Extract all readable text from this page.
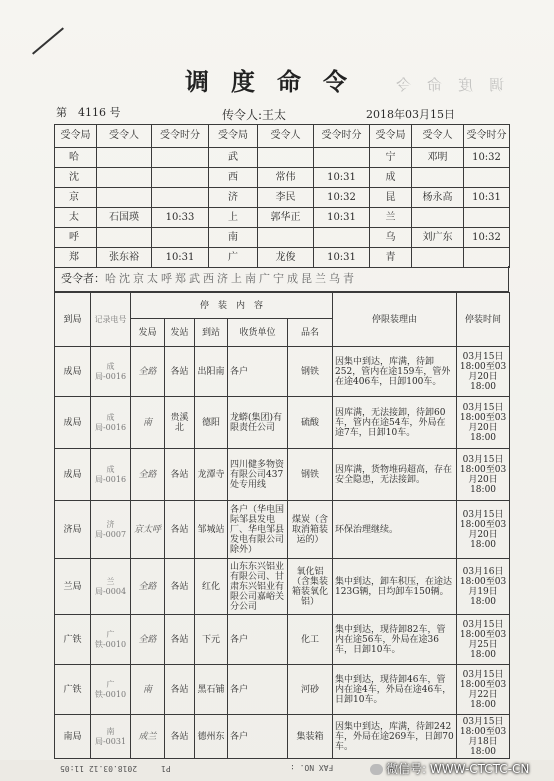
调度命令 调度命令
第　4116 号	传令人:王太	2018年03月15日
受令局	受令人	受令时分	受令局	受令人	受令时分	受令局	受令人	受令时分
哈			武			宁	邓明	10:32
沈			西	常伟	10:31	成		
京			济	李民	10:32	昆	杨永高	10:31
太	石国瑛	10:33	上	郭华正	10:31	兰		
呼			南			乌	刘广东	10:32
郑	张东裕	10:31	广	龙俊	10:31	青		
受令者：哈沈京太呼郑武西济上南广宁成昆兰乌青
到局	记录电号	停　装　内　容					停限装理由	停装时间
		发局	发站	到站	收货单位	品名		
成局	成局-0016	全路	各站	出阳南	各户	钢铁	因集中到达，库满，待卸252，管内在途159车，管外在途406车，日卸100车。	03月15日18:00至03月20日18:00
成局	成局-0016	南	贵溪北	德阳	龙蟒(集团)有限责任公司	硫酸	因库满，无法接卸，待卸60车，管内在途54车，外局在途7车，日卸10车。	03月15日18:00至03月20日18:00
成局	成局-0016	全路	各站	龙潭寺	四川健多物资有限公司437处专用线	钢铁	因库满，货物堆码超高，存在安全隐患，无法接卸。	03月15日18:00至03月20日18:00
济局	济局-0007	京太呼	各站	邹城站	各户（华电国际邹县发电厂、华电邹县发电有限公司除外）	煤炭（含取消箱装运的）	环保治理继续。	03月15日18:00至03月20日18:00
兰局	兰局-0004	全路	各站	红化	山东东兴铝业有限公司、甘肃东兴铝业有限公司嘉峪关分公司	氧化铝（含集装箱装氧化铝）	集中到达，卸车积压，在途达123G辆，日均卸车150辆。	03月16日18:00至03月19日18:00
广铁	广铁-0010	全路	各站	下元	各户	化工	集中到达，现待卸82车，管内在途56车，外局在途36车，日卸10车。	03月15日18:00至03月25日18:00
广铁	广铁-0010	南	各站	黑石铺	各户	河砂	集中到达，现待卸46车，管内在途4车，外局在途46车，日卸10车。	03月15日18:00至03月22日18:00
南局	南局-0031	成兰	各站	德州东	各户	集装箱	因集中到达，库满，待卸242车，外局在途269车，日卸70车。	03月15日18:00至03月18日18:00
P1　　　2018.03.12 11:05	FAX NO. :	微信号: WWW-CTCTC-CN
